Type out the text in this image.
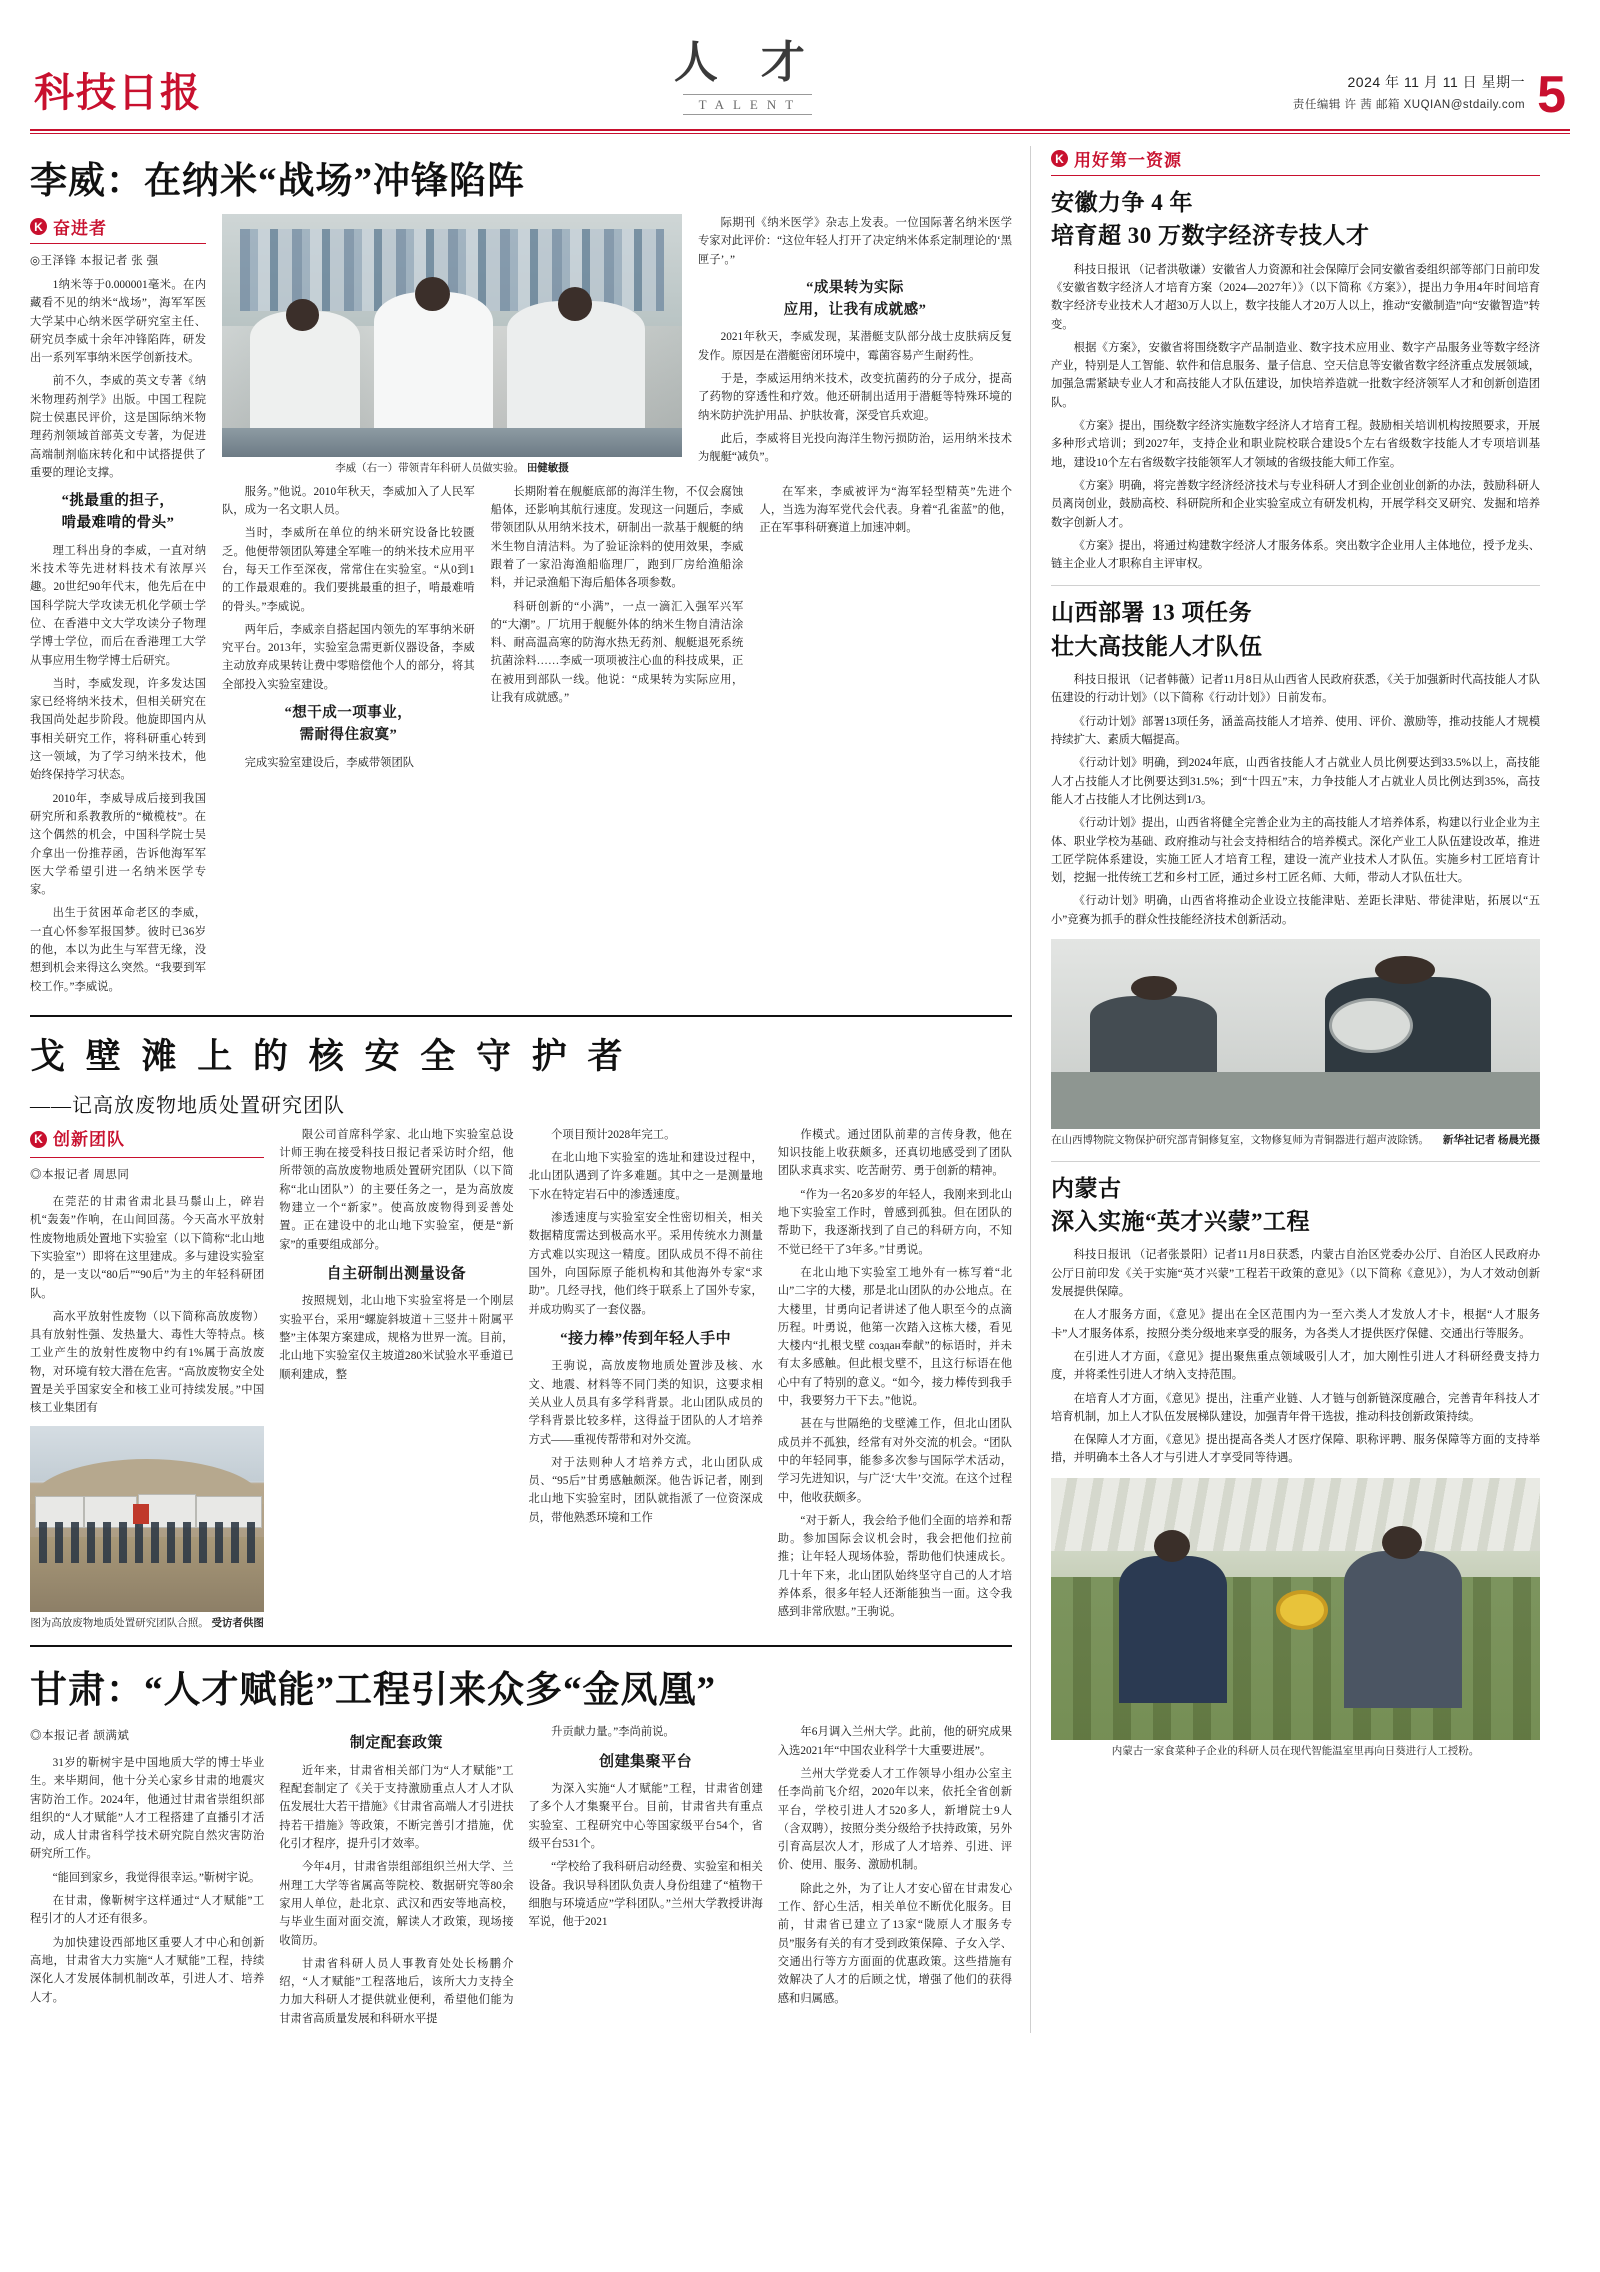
科技日报
人 才
TALENT
2024 年 11 月 11 日 星期一
责任编辑 许 茜 邮箱 XUQIAN@stdaily.com 5
李威：在纳米“战场”冲锋陷阵
K 奋进者
◎王泽锋 本报记者 张 强

1纳米等于0.000001毫米。在内藏看不见的纳米“战场”，海军军医大学某中心纳米医学研究室主任、研究员李威十余年冲锋陷阵，研发出一系列军事纳米医学创新技术。

前不久，李威的英文专著《纳米物理药剂学》出版。中国工程院院士侯惠民评价，这是国际纳米物理药剂领域首部英文专著，为促进高端制剂临床转化和中试搭提供了重要的理论支撑。

“挑最重的担子，
啃最难啃的骨头”

理工科出身的李威，一直对纳米技术等先进材料技术有浓厚兴趣。20世纪90年代末，他先后在中国科学院大学攻读无机化学硕士学位、在香港中文大学攻读分子物理学博士学位，而后在香港理工大学从事应用生物学博士后研究。

当时，李威发现，许多发达国家已经将纳米技术，但相关研究在我国尚处起步阶段。他旋即国内从事相关研究工作，将科研重心转到这一领域，为了学习纳米技术，他始终保持学习状态。

2010年，李威导成后接到我国研究所和系教教所的“橄榄枝”。在这个偶然的机会，中国科学院士吴介拿出一份推荐函，告诉他海军军医大学希望引进一名纳米医学专家。

出生于贫困革命老区的李威，一直心怀参军报国梦。彼时已36岁的他，本以为此生与军营无缘，没想到机会来得这么突然。“我要到军校工作。”李威说。

李威（右一）带领青年科研人员做实验。 田健敏摄

际期刊《纳米医学》杂志上发表。一位国际著名纳米医学专家对此评价：“这位年轻人打开了决定纳米体系定制理论的‘黑匣子’。”

“成果转为实际
应用，让我有成就感”

2021年秋天，李威发现，某潜艇支队部分战士皮肤病反复发作。原因是在潜艇密闭环境中，霉菌容易产生耐药性。

于是，李威运用纳米技术，改变抗菌药的分子成分，提高了药物的穿透性和疗效。他还研制出适用于潜艇等特殊环境的纳米防护洗护用品、护肤妆膏，深受官兵欢迎。

此后，李威将目光投向海洋生物污损防治，运用纳米技术为舰艇“减负”。

服务。”他说。2010年秋天，李威加入了人民军队，成为一名文职人员。

当时，李威所在单位的纳米研究设备比较匮乏。他便带领团队筹建全军唯一的纳米技术应用平台，每天工作至深夜，常常住在实验室。“从0到1的工作最艰难的。我们要挑最重的担子，啃最难啃的骨头。”李威说。

两年后，李威亲自搭起国内领先的军事纳米研究平台。2013年，实验室急需更新仪器设备，李威主动放弃成果转让费中零赔偿他个人的部分，将其全部投入实验室建设。

“想干成一项事业，
需耐得住寂寞”

完成实验室建设后，李威带领团队

长期附着在舰艇底部的海洋生物，不仅会腐蚀船体，还影响其航行速度。发现这一问题后，李威带领团队从用纳米技术，研制出一款基于舰艇的纳米生物自清洁料。为了验证涂料的使用效果，李威跟着了一家沿海渔船临理厂，跑到厂房给渔船涂料，并记录渔船下海后船体各项参数。

科研创新的“小满”，一点一滴汇入强军兴军的“大潮”。厂坑用于舰艇外体的纳米生物自清洁涂料、耐高温高寒的防海水热无药剂、舰艇退死系统抗菌涂料……李威一项项被注心血的科技成果，正在被用到部队一线。他说：“成果转为实际应用，让我有成就感。”

在军来，李威被评为“海军轻型精英”先进个人，当选为海军党代会代表。身着“孔雀蓝”的他，正在军事科研赛道上加速冲刺。

戈 壁 滩 上 的 核 安 全 守 护 者
——记高放废物地质处置研究团队
K 创新团队
◎本报记者 周思同

在莞茫的甘肃省肃北县马鬃山上，碎岩机“轰轰”作响，在山间回荡。今天高水平放射性废物地质处置地下实验室（以下简称“北山地下实验室”）即将在这里建成。多与建设实验室的，是一支以“80后”“90后”为主的年轻科研团队。

高水平放射性废物（以下简称高放废物）具有放射性强、发热量大、毒性大等特点。核工业产生的放射性废物中约有1%属于高放废物，对环境有较大潜在危害。“高放废物安全处置是关乎国家安全和核工业可持续发展。”中国核工业集团有

图为高放废物地质处置研究团队合照。 受访者供图

限公司首席科学家、北山地下实验室总设计师王驹在接受科技日报记者采访时介绍，他所带领的高放废物地质处置研究团队（以下简称“北山团队”）的主要任务之一，是为高放废物建立一个“新家”。使高放废物得到妥善处置。正在建设中的北山地下实验室，便是“新家”的重要组成部分。

自主研制出测量设备

按照规划，北山地下实验室将是一个刚层实验平台，采用“螺旋斜坡道＋三竖井＋附属平整”主体架方案建成，规格为世界一流。目前，北山地下实验室仅主坡道280米试验水平垂道已顺利建成，整

个项目预计2028年完工。

在北山地下实验室的选址和建设过程中，北山团队遇到了许多难题。其中之一是测量地下水在特定岩石中的渗透速度。

渗透速度与实验室安全性密切相关，相关数据精度需达到极高水平。采用传统水力测量方式难以实现这一精度。团队成员不得不前往国外，向国际原子能机构和其他海外专家“求助”。几经寻找，他们终于联系上了国外专家，并成功购买了一套仪器。

“接力棒”传到年轻人手中

王驹说，高放废物地质处置涉及核、水文、地震、材料等不同门类的知识，这要求相关从业人员具有多学科背景。北山团队成员的学科背景比较多样，这得益于团队的人才培养方式——重视传帮带和对外交流。

对于法则种人才培养方式，北山团队成员、“95后”甘勇感触颇深。他告诉记者，刚到北山地下实验室时，团队就指派了一位资深成员，带他熟悉环境和工作

作模式。通过团队前辈的言传身教，他在知识技能上收获颇多，还真切地感受到了团队团队求真求实、吃苦耐劳、勇于创新的精神。

“作为一名20多岁的年轻人，我刚来到北山地下实验室工作时，曾感到孤独。但在团队的帮助下，我逐渐找到了自己的科研方向，不知不觉已经干了3年多。”甘勇说。

在北山地下实验室工地外有一栋写着“北山”二字的大楼，那是北山团队的办公地点。在大楼里，甘勇向记者讲述了他人职至今的点滴历程。叶勇说，他第一次踏入这栋大楼，看见大楼内“扎根戈壁 создан奉献”的标语时，并未有太多感触。但此根戈壁不，且这行标语在他心中有了特别的意义。“如今，接力棒传到我手中，我要努力干下去。”他说。

甚在与世隔绝的戈壁滩工作，但北山团队成员并不孤独，经常有对外交流的机会。“团队中的年轻同事，能参多次参与国际学术活动，学习先进知识，与广泛‘大牛’交流。在这个过程中，他收获颇多。

“对于新人，我会给予他们全面的培养和帮助。参加国际会议机会时，我会把他们拉前推；让年轻人现场体验，帮助他们快速成长。几十年下来，北山团队始终坚守自己的人才培养体系，很多年轻人还渐能独当一面。这令我感到非常欣慰。”王驹说。

甘肃：“人才赋能”工程引来众多“金凤凰”
◎本报记者 颉满斌

31岁的靳树宇是中国地质大学的博士毕业生。来毕期间，他十分关心家乡甘肃的地震灾害防治工作。2024年，他通过甘肃省崇组织部组织的“人才赋能”人才工程搭建了直播引才活动，成人甘肃省科学技术研究院自然灾害防治研究所工作。

“能回到家乡，我觉得很幸运。”靳树宇说。

在甘肃，像靳树宇这样通过“人才赋能”工程引才的人才还有很多。

为加快建设西部地区重要人才中心和创新高地，甘肃省大力实施“人才赋能”工程，持续深化人才发展体制机制改革，引进人才、培养人才。

制定配套政策

近年来，甘肃省相关部门为“人才赋能”工程配套制定了《关于支持激励重点人才人才队伍发展壮大若干措施》《甘肃省高端人才引进扶持若干措施》等政策，不断完善引才措施，优化引才程序，提升引才效率。

今年4月，甘肃省崇组部组织兰州大学、兰州理工大学等省属高等院校、数据研究等80余家用人单位，赴北京、武汉和西安等地高校，与毕业生面对面交流，解读人才政策，现场接收简历。

甘肃省科研人员人事教育处处长杨鹏介绍，“人才赋能”工程落地后，该所大力支持全力加大科研人才提供就业便利，希望他们能为甘肃省高质量发展和科研水平提

升贡献力量。”李尚前说。

创建集聚平台

为深入实施“人才赋能”工程，甘肃省创建了多个人才集聚平台。目前，甘肃省共有重点实验室、工程研究中心等国家级平台54个，省级平台531个。

“学校给了我科研启动经费、实验室和相关设备。我识导科团队负责人身份组建了“植物干细胞与环境适应”学科团队。”兰州大学教授讲海军说，他于2021

年6月调入兰州大学。此前，他的研究成果入选2021年“中国农业科学十大重要进展”。

兰州大学党委人才工作领导小组办公室主任李尚前飞介绍，2020年以来，依托全省创新平台，学校引进人才520多人，新增院士9人（含双聘），按照分类分级给予扶持政策，另外引育高层次人才，形成了人才培养、引进、评价、使用、服务、激励机制。

除此之外，为了让人才安心留在甘肃发心工作、舒心生活，相关单位不断优化服务。目前，甘肃省已建立了13家“陇原人才服务专员”服务有关的有才受到政策保障、子女入学、交通出行等方方面面的优惠政策。这些措施有效解决了人才的后顾之忧，增强了他们的获得感和归属感。

K 用好第一资源
安徽力争 4 年
培育超 30 万数字经济专技人才

科技日报讯 （记者洪敬谦）安徽省人力资源和社会保障厅会同安徽省委组织部等部门日前印发《安徽省数字经济人才培育方案（2024—2027年）》（以下简称《方案》），提出力争用4年时间培育数字经济专业技术人才超30万人以上，数字技能人才20万人以上，推动“安徽制造”向“安徽智造”转变。

根据《方案》，安徽省将围绕数字产品制造业、数字技术应用业、数字产品服务业等数字经济产业，特别是人工智能、软件和信息服务、量子信息、空天信息等安徽省数字经济重点发展领域，加强急需紧缺专业人才和高技能人才队伍建设，加快培养造就一批数字经济领军人才和创新创造团队。

《方案》提出，围绕数字经济实施数字经济人才培育工程。鼓励相关培训机构按照要求，开展多种形式培训；到2027年，支持企业和职业院校联合建设5个左右省级数字技能人才专项培训基地，建设10个左右省级数字技能领军人才领域的省级技能大师工作室。

《方案》明确，将完善数字经济经济技术与专业科研人才到企业创业创新的办法，鼓励科研人员离岗创业，鼓励高校、科研院所和企业实验室成立有研发机构，开展学科交叉研究、发掘和培养数字创新人才。

《方案》提出，将通过构建数字经济人才服务体系。突出数字企业用人主体地位，授予龙头、链主企业人才职称自主评审权。

山西部署 13 项任务
壮大高技能人才队伍

科技日报讯 （记者韩薇）记者11月8日从山西省人民政府获悉，《关于加强新时代高技能人才队伍建设的行动计划》（以下简称《行动计划》）日前发布。

《行动计划》部署13项任务，涵盖高技能人才培养、使用、评价、激励等，推动技能人才规模持续扩大、素质大幅提高。

《行动计划》明确，到2024年底，山西省技能人才占就业人员比例要达到33.5%以上，高技能人才占技能人才比例要达到31.5%；到“十四五”末，力争技能人才占就业人员比例达到35%，高技能人才占技能人才比例达到1/3。

《行动计划》提出，山西省将健全完善企业为主的高技能人才培养体系，构建以行业企业为主体、职业学校为基础、政府推动与社会支持相结合的培养模式。深化产业工人队伍建设改革，推进工匠学院体系建设，实施工匠人才培育工程，建设一流产业技术人才队伍。实施乡村工匠培育计划，挖掘一批传统工艺和乡村工匠，通过乡村工匠名师、大师，带动人才队伍壮大。

《行动计划》明确，山西省将推动企业设立技能津贴、差距长津贴、带徒津贴，拓展以“五小”竞赛为抓手的群众性技能经济技术创新活动。

在山西博物院文物保护研究部青铜修复室，文物修复师为青铜器进行超声波除锈。 新华社记者 杨晨光摄
内蒙古
深入实施“英才兴蒙”工程

科技日报讯 （记者张景阳）记者11月8日获悉，内蒙古自治区党委办公厅、自治区人民政府办公厅日前印发《关于实施“英才兴蒙”工程若干政策的意见》（以下简称《意见》），为人才效动创新发展提供保障。

在人才服务方面，《意见》提出在全区范围内为一至六类人才发放人才卡，根据“人才服务卡”人才服务体系，按照分类分级地来享受的服务，为各类人才提供医疗保健、交通出行等服务。

在引进人才方面，《意见》提出聚焦重点领域吸引人才，加大刚性引进人才科研经费支持力度，并将柔性引进人才纳入支持范围。

在培育人才方面，《意见》提出，注重产业链、人才链与创新链深度融合，完善青年科技人才培育机制，加上人才队伍发展梯队建设，加强青年骨干选拔，推动科技创新政策持续。

在保障人才方面，《意见》提出提高各类人才医疗保障、职称评聘、服务保障等方面的支持举措，并明确本土各人才与引进人才享受同等待遇。

内蒙古一家食菜种子企业的科研人员在现代智能温室里再向日葵进行人工授粉。
